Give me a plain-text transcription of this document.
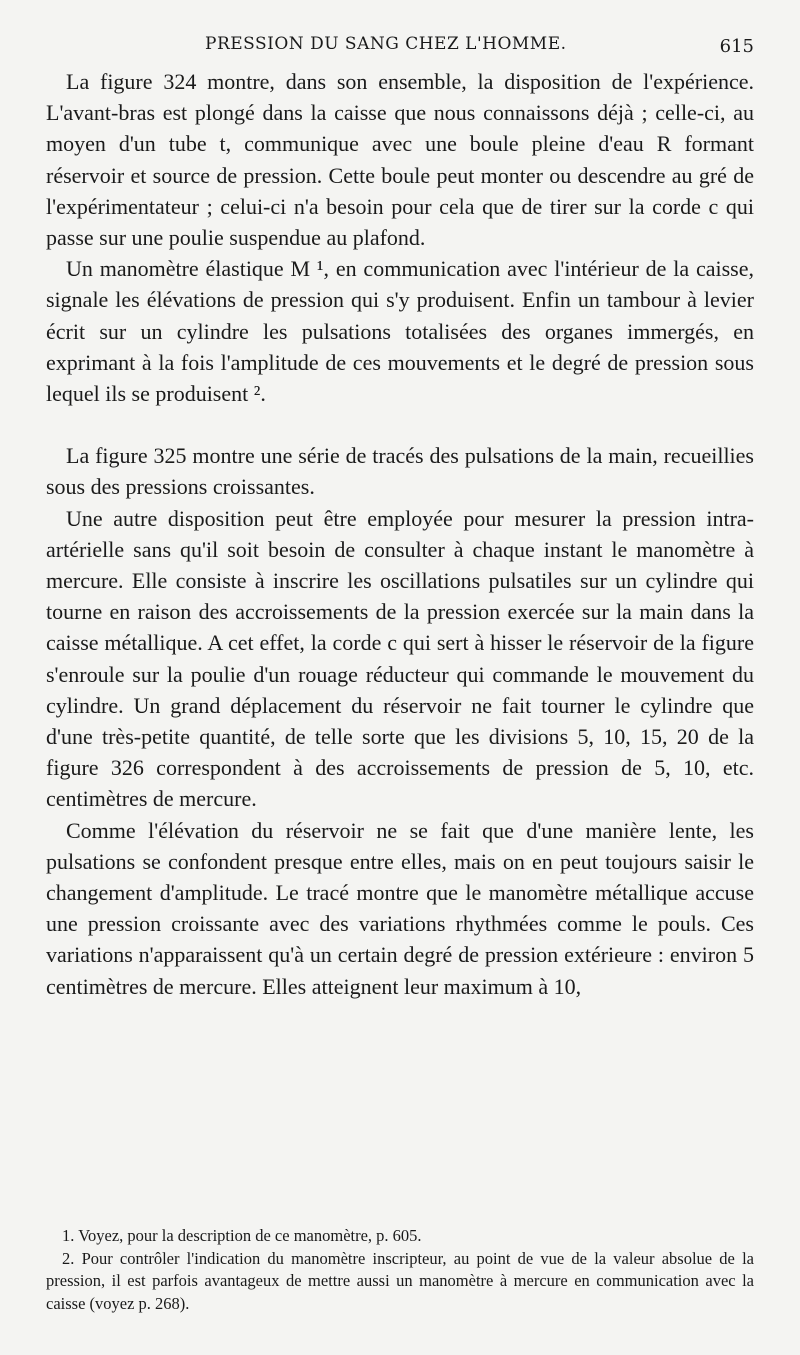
PRESSION DU SANG CHEZ L'HOMME.	615

La figure 324 montre, dans son ensemble, la disposition de l'expérience. L'avant-bras est plongé dans la caisse que nous connaissons déjà ; celle-ci, au moyen d'un tube t, communique avec une boule pleine d'eau R formant réservoir et source de pression. Cette boule peut monter ou descendre au gré de l'expérimentateur ; celui-ci n'a besoin pour cela que de tirer sur la corde c qui passe sur une poulie suspendue au plafond.

Un manomètre élastique M ¹, en communication avec l'intérieur de la caisse, signale les élévations de pression qui s'y produisent. Enfin un tambour à levier écrit sur un cylindre les pulsations totalisées des organes immergés, en exprimant à la fois l'amplitude de ces mouvements et le degré de pression sous lequel ils se produisent ².

La figure 325 montre une série de tracés des pulsations de la main, recueillies sous des pressions croissantes.

Une autre disposition peut être employée pour mesurer la pression intra-artérielle sans qu'il soit besoin de consulter à chaque instant le manomètre à mercure. Elle consiste à inscrire les oscillations pulsatiles sur un cylindre qui tourne en raison des accroissements de la pression exercée sur la main dans la caisse métallique. A cet effet, la corde c qui sert à hisser le réservoir de la figure s'enroule sur la poulie d'un rouage réducteur qui commande le mouvement du cylindre. Un grand déplacement du réservoir ne fait tourner le cylindre que d'une très-petite quantité, de telle sorte que les divisions 5, 10, 15, 20 de la figure 326 correspondent à des accroissements de pression de 5, 10, etc. centimètres de mercure.

Comme l'élévation du réservoir ne se fait que d'une manière lente, les pulsations se confondent presque entre elles, mais on en peut toujours saisir le changement d'amplitude. Le tracé montre que le manomètre métallique accuse une pression croissante avec des variations rhythmées comme le pouls. Ces variations n'apparaissent qu'à un certain degré de pression extérieure : environ 5 centimètres de mercure. Elles atteignent leur maximum à 10,

1. Voyez, pour la description de ce manomètre, p. 605.

2. Pour contrôler l'indication du manomètre inscripteur, au point de vue de la valeur absolue de la pression, il est parfois avantageux de mettre aussi un manomètre à mercure en communication avec la caisse (voyez p. 268).
